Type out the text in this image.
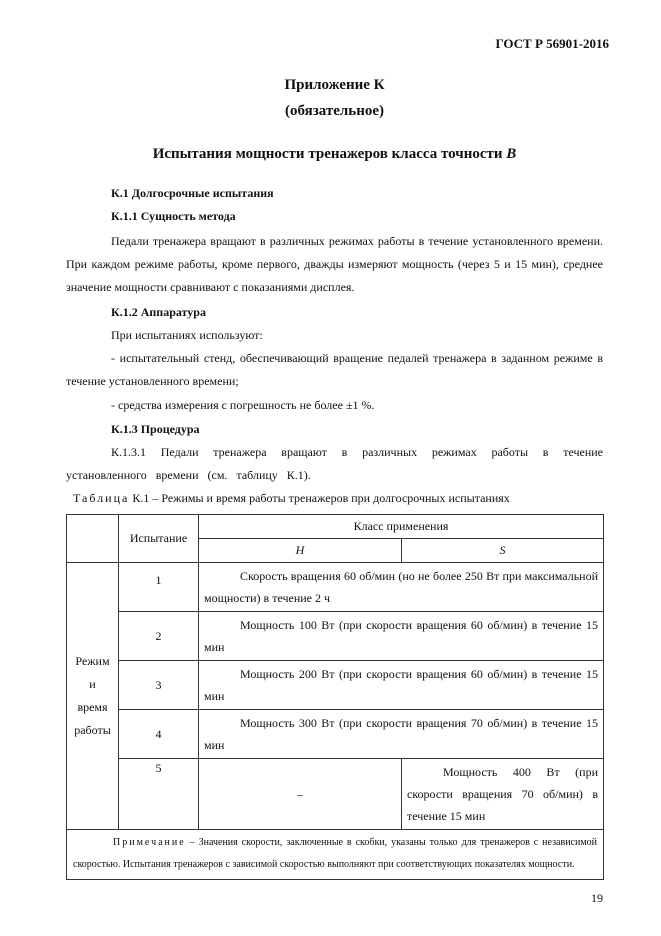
ГОСТ Р 56901-2016
Приложение К
(обязательное)
Испытания мощности тренажеров класса точности B
К.1 Долгосрочные испытания
К.1.1 Сущность метода
Педали тренажера вращают в различных режимах работы в течение установленного времени. При каждом режиме работы, кроме первого, дважды измеряют мощность (через 5 и 15 мин), среднее значение мощности сравнивают с показаниями дисплея.
К.1.2 Аппаратура
При испытаниях используют:
- испытательный стенд, обеспечивающий вращение педалей тренажера в заданном режиме в течение установленного времени;
- средства измерения с погрешность не более ±1 %.
К.1.3 Процедура
К.1.3.1 Педали тренажера вращают в различных режимах работы в течение установленного времени (см. таблицу К.1).
Таблица К.1 – Режимы и время работы тренажеров при долгосрочных испытаниях
	Испытание	Класс применения	
		H	S

Режим
и
время
работы	1	Скорость вращения 60 об/мин (но не более 250 Вт при максимальной мощности) в течение 2 ч	

	2	Мощность 100 Вт (при скорости вращения 60 об/мин) в течение 15 мин	

	3	Мощность 200 Вт (при скорости вращения 60 об/мин) в течение 15 мин	

	4	Мощность 300 Вт (при скорости вращения 70 об/мин) в течение 15 мин	

	5	–	Мощность 400 Вт (при скорости вращения 70 об/мин) в течение 15 мин

Примечание – Значения скорости, заключенные в скобки, указаны только для тренажеров с независимой скоростью. Испытания тренажеров с зависимой скоростью выполняют при соответствующих показателях мощности.			
19
